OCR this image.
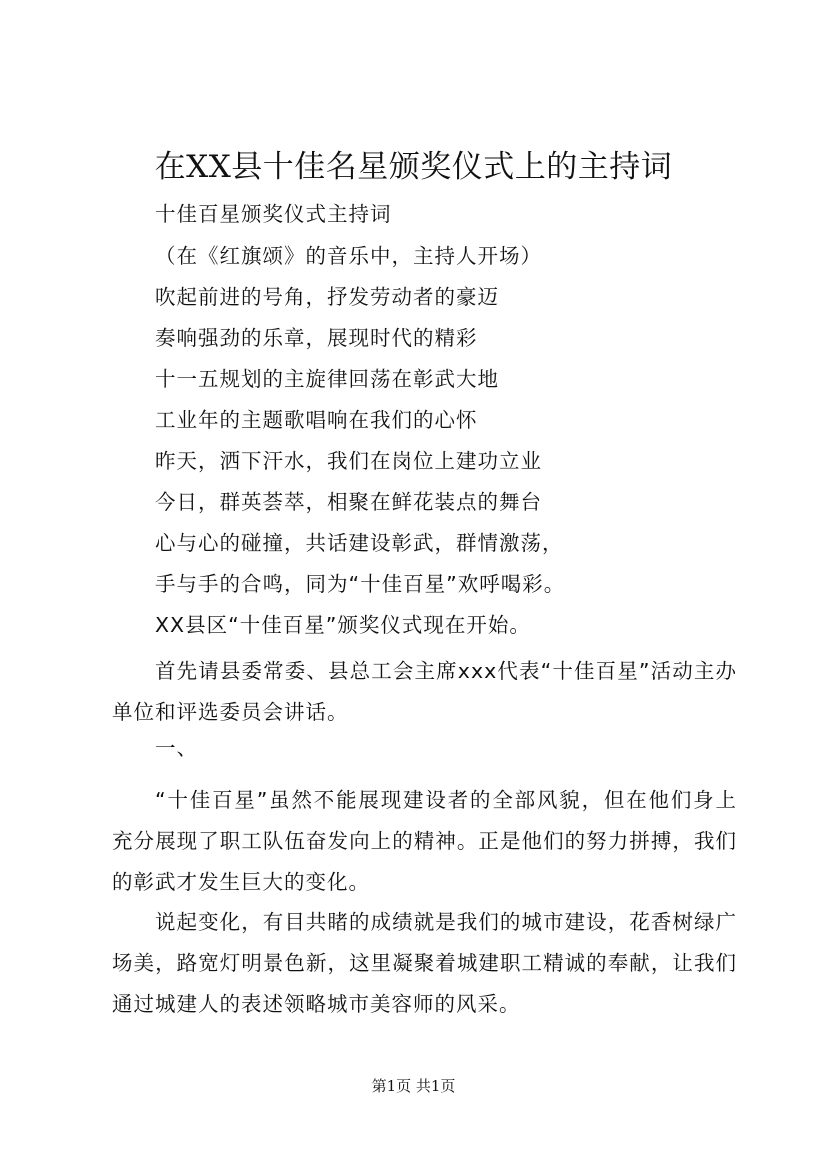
在XX县十佳名星颁奖仪式上的主持词

十佳百星颁奖仪式主持词

（在《红旗颂》的音乐中，主持人开场）

吹起前进的号角，抒发劳动者的豪迈

奏响强劲的乐章，展现时代的精彩

十一五规划的主旋律回荡在彰武大地

工业年的主题歌唱响在我们的心怀

昨天，洒下汗水，我们在岗位上建功立业

今日，群英荟萃，相聚在鲜花装点的舞台

心与心的碰撞，共话建设彰武，群情激荡，

手与手的合鸣，同为“十佳百星”欢呼喝彩。

XX县区“十佳百星”颁奖仪式现在开始。

首先请县委常委、县总工会主席xxx代表“十佳百星”活动主办单位和评选委员会讲话。

一、

“十佳百星”虽然不能展现建设者的全部风貌，但在他们身上充分展现了职工队伍奋发向上的精神。正是他们的努力拼搏，我们的彰武才发生巨大的变化。

说起变化，有目共睹的成绩就是我们的城市建设，花香树绿广场美，路宽灯明景色新，这里凝聚着城建职工精诚的奉献，让我们通过城建人的表述领略城市美容师的风采。

第1页 共1页
